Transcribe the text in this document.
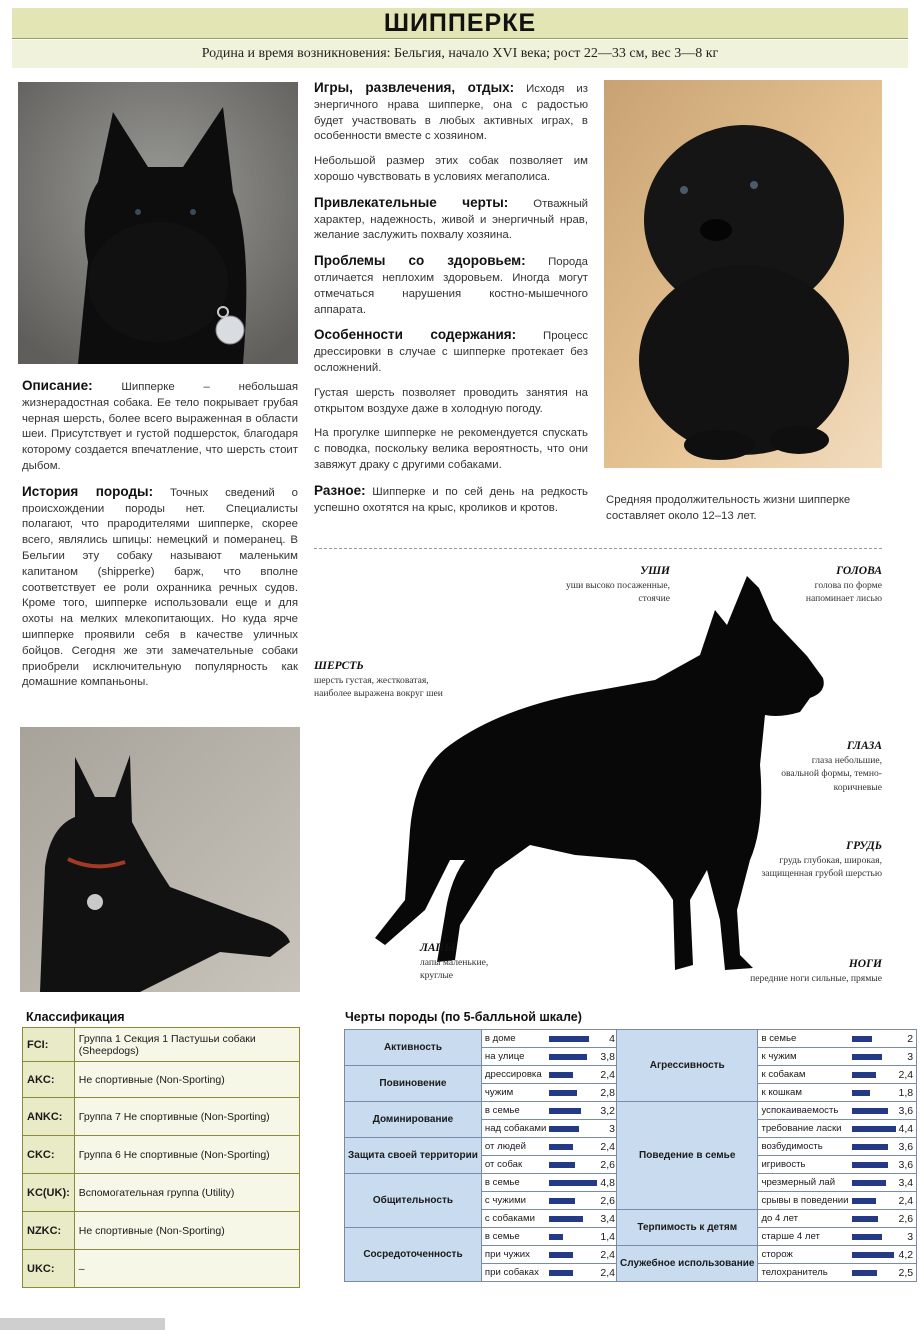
ШИППЕРКЕ
Родина и время возникновения: Бельгия, начало XVI века; рост 22—33 см, вес 3—8 кг

Описание:	Шипперке – небольшая жизнерадостная собака. Ее тело покрывает грубая черная шерсть, более всего выраженная в области шеи. Присутствует и густой подшерсток, благодаря которому создается впечатление, что шерсть стоит дыбом.

История породы: Точных сведений о происхождении породы нет. Специалисты полагают, что прародителями шипперке, скорее всего, являлись шпицы: немецкий и померанец. В Бельгии эту собаку называют маленьким капитаном (shipperke) барж, что вполне соответствует ее роли охранника речных судов. Кроме того, шипперке использовали еще и для охоты на мелких млекопитающих. Но куда ярче шипперке проявили себя в качестве уличных бойцов. Сегодня же эти замечательные собаки приобрели исключительную популярность как домашние компаньоны.

Игры, развлечения, отдых: Исходя из энергичного нрава шипперке, она с радостью будет участвовать в любых активных играх, в особенности вместе с хозяином.

Небольшой размер этих собак позволяет им хорошо чувствовать в условиях мегаполиса.

Привлекательные черты: Отважный характер, надежность, живой и энергичный нрав, желание заслужить похвалу хозяина.

Проблемы со здоровьем: Порода отличается неплохим здоровьем. Иногда могут отмечаться нарушения костно-мышечного аппарата.

Особенности содержания: Процесс дрессировки в случае с шипперке протекает без осложнений.

Густая шерсть позволяет проводить занятия на открытом воздухе даже в холодную погоду.

На прогулке шипперке не рекомендуется спускать с поводка, поскольку велика вероятность, что они завяжут драку с другими собаками.

Разное: Шипперке и по сей день на редкость успешно охотятся на крыс, кроликов и кротов.

Средняя продолжительность жизни шипперке составляет около 12–13 лет.
УШИ
уши высоко посаженные, стоячие
ГОЛОВА
голова по форме напоминает лисью
ШЕРСТЬ
шерсть густая, жестковатая, наиболее выражена вокруг шеи
ГЛАЗА
глаза небольшие, овальной формы, темно-коричневые
ГРУДЬ
грудь глубокая, широкая, защищенная грубой шерстью
ЛАПЫ
лапы маленькие, круглые
НОГИ
передние ноги сильные, прямые
Классификация
FCI:	Группа 1 Секция 1 Пастушьи собаки (Sheepdogs)
AKC:	Не спортивные (Non-Sporting)
ANKC:	Группа 7 Не спортивные (Non-Sporting)
CKC:	Группа 6 Не спортивные (Non-Sporting)
KC(UK):	Вспомогательная группа (Utility)
NZKC:	Не спортивные (Non-Sporting)
UKC:	–
Черты породы (по 5-балльной шкале)
Активность	в доме		4
	на улице		3,8
Повиновение	дрессировка		2,4
	чужим		2,8
Доминирование	в семье		3,2
	над собаками		3
Защита своей территории	от людей		2,4
	от собак		2,6
Общительность	в семье		4,8
	с чужими		2,6
	с собаками		3,4
Сосредоточенность	в семье		1,4
	при чужих		2,4
	при собаках		2,4
Агрессивность	в семье		2
	к чужим		3
	к собакам		2,4
	к кошкам		1,8
Поведение в семье	успокаиваемость		3,6
	требование ласки		4,4
	возбудимость		3,6
	игривость		3,6
	чрезмерный лай		3,4
	срывы в поведении		2,4
Терпимость к детям	до 4 лет		2,6
	старше 4 лет		3
Служебное использование	сторож		4,2
	телохранитель		2,5
